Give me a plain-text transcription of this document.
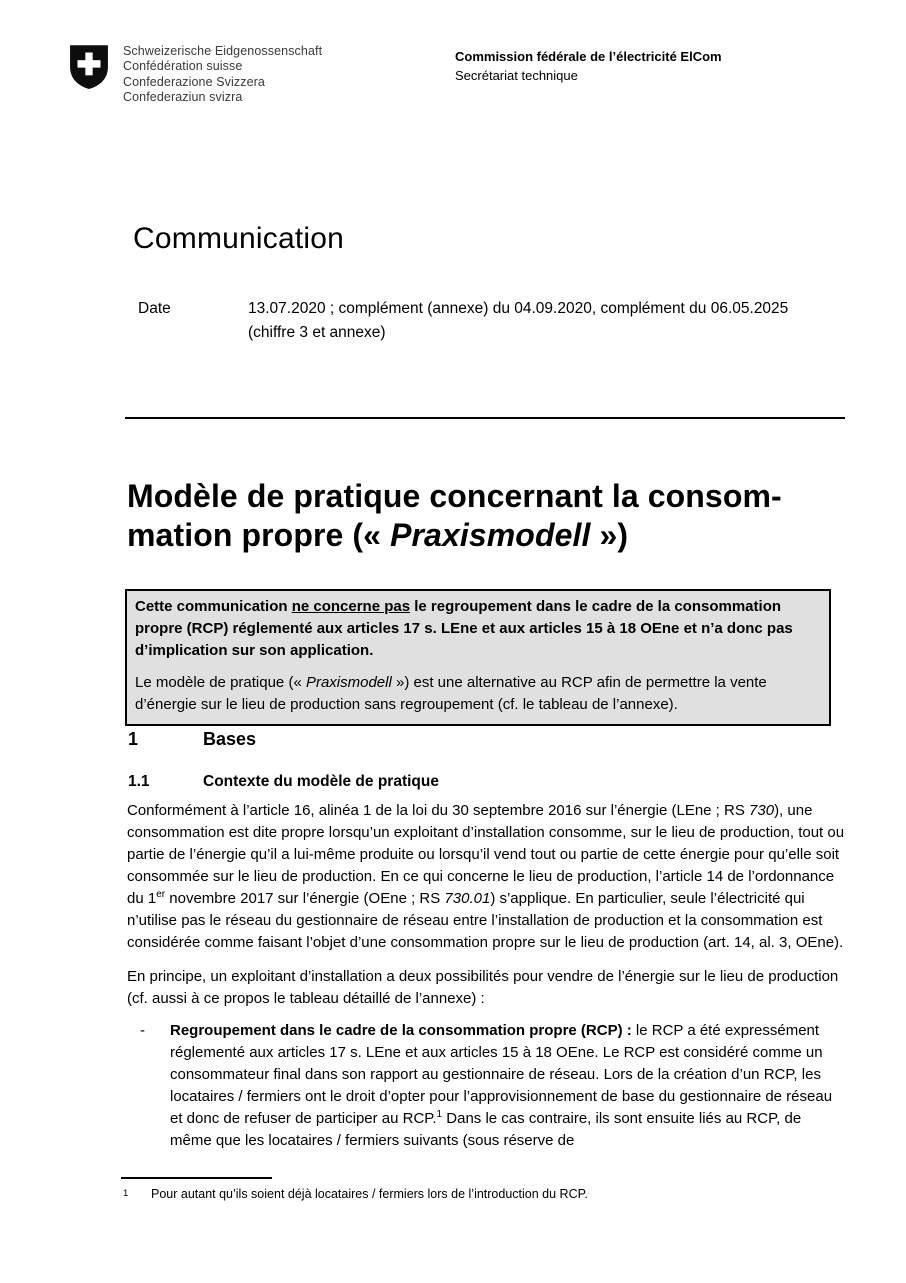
Schweizerische Eidgenossenschaft
Confédération suisse
Confederazione Svizzera
Confederaziun svizra
Commission fédérale de l’électricité ElCom
Secrétariat technique
Communication
Date	13.07.2020 ; complément (annexe) du 04.09.2020, complément du 06.05.2025 (chiffre 3 et annexe)
Modèle de pratique concernant la consom-
mation propre (« Praxismodell »)
Cette communication ne concerne pas le regroupement dans le cadre de la consommation propre (RCP) réglementé aux articles 17 s. LEne et aux articles 15 à 18 OEne et n’a donc pas d’implication sur son application.
Le modèle de pratique (« Praxismodell ») est une alternative au RCP afin de permettre la vente d’énergie sur le lieu de production sans regroupement (cf. le tableau de l’annexe).
1	Bases
1.1	Contexte du modèle de pratique
Conformément à l’article 16, alinéa 1 de la loi du 30 septembre 2016 sur l’énergie (LEne ; RS 730), une consommation est dite propre lorsqu’un exploitant d’installation consomme, sur le lieu de production, tout ou partie de l’énergie qu’il a lui-même produite ou lorsqu’il vend tout ou partie de cette énergie pour qu’elle soit consommée sur le lieu de production. En ce qui concerne le lieu de production, l’article 14 de l’ordonnance du 1er novembre 2017 sur l’énergie (OEne ; RS 730.01) s’applique. En particulier, seule l’électricité qui n’utilise pas le réseau du gestionnaire de réseau entre l’installation de production et la consommation est considérée comme faisant l’objet d’une consommation propre sur le lieu de production (art. 14, al. 3, OEne).
En principe, un exploitant d’installation a deux possibilités pour vendre de l’énergie sur le lieu de production (cf. aussi à ce propos le tableau détaillé de l’annexe) :
-	Regroupement dans le cadre de la consommation propre (RCP) : le RCP a été expressément réglementé aux articles 17 s. LEne et aux articles 15 à 18 OEne. Le RCP est considéré comme un consommateur final dans son rapport au gestionnaire de réseau. Lors de la création d’un RCP, les locataires / fermiers ont le droit d’opter pour l’approvisionnement de base du gestionnaire de réseau et donc de refuser de participer au RCP.$^1$ Dans le cas contraire, ils sont ensuite liés au RCP, de même que les locataires / fermiers suivants (sous réserve de
1	Pour autant qu’ils soient déjà locataires / fermiers lors de l’introduction du RCP.
